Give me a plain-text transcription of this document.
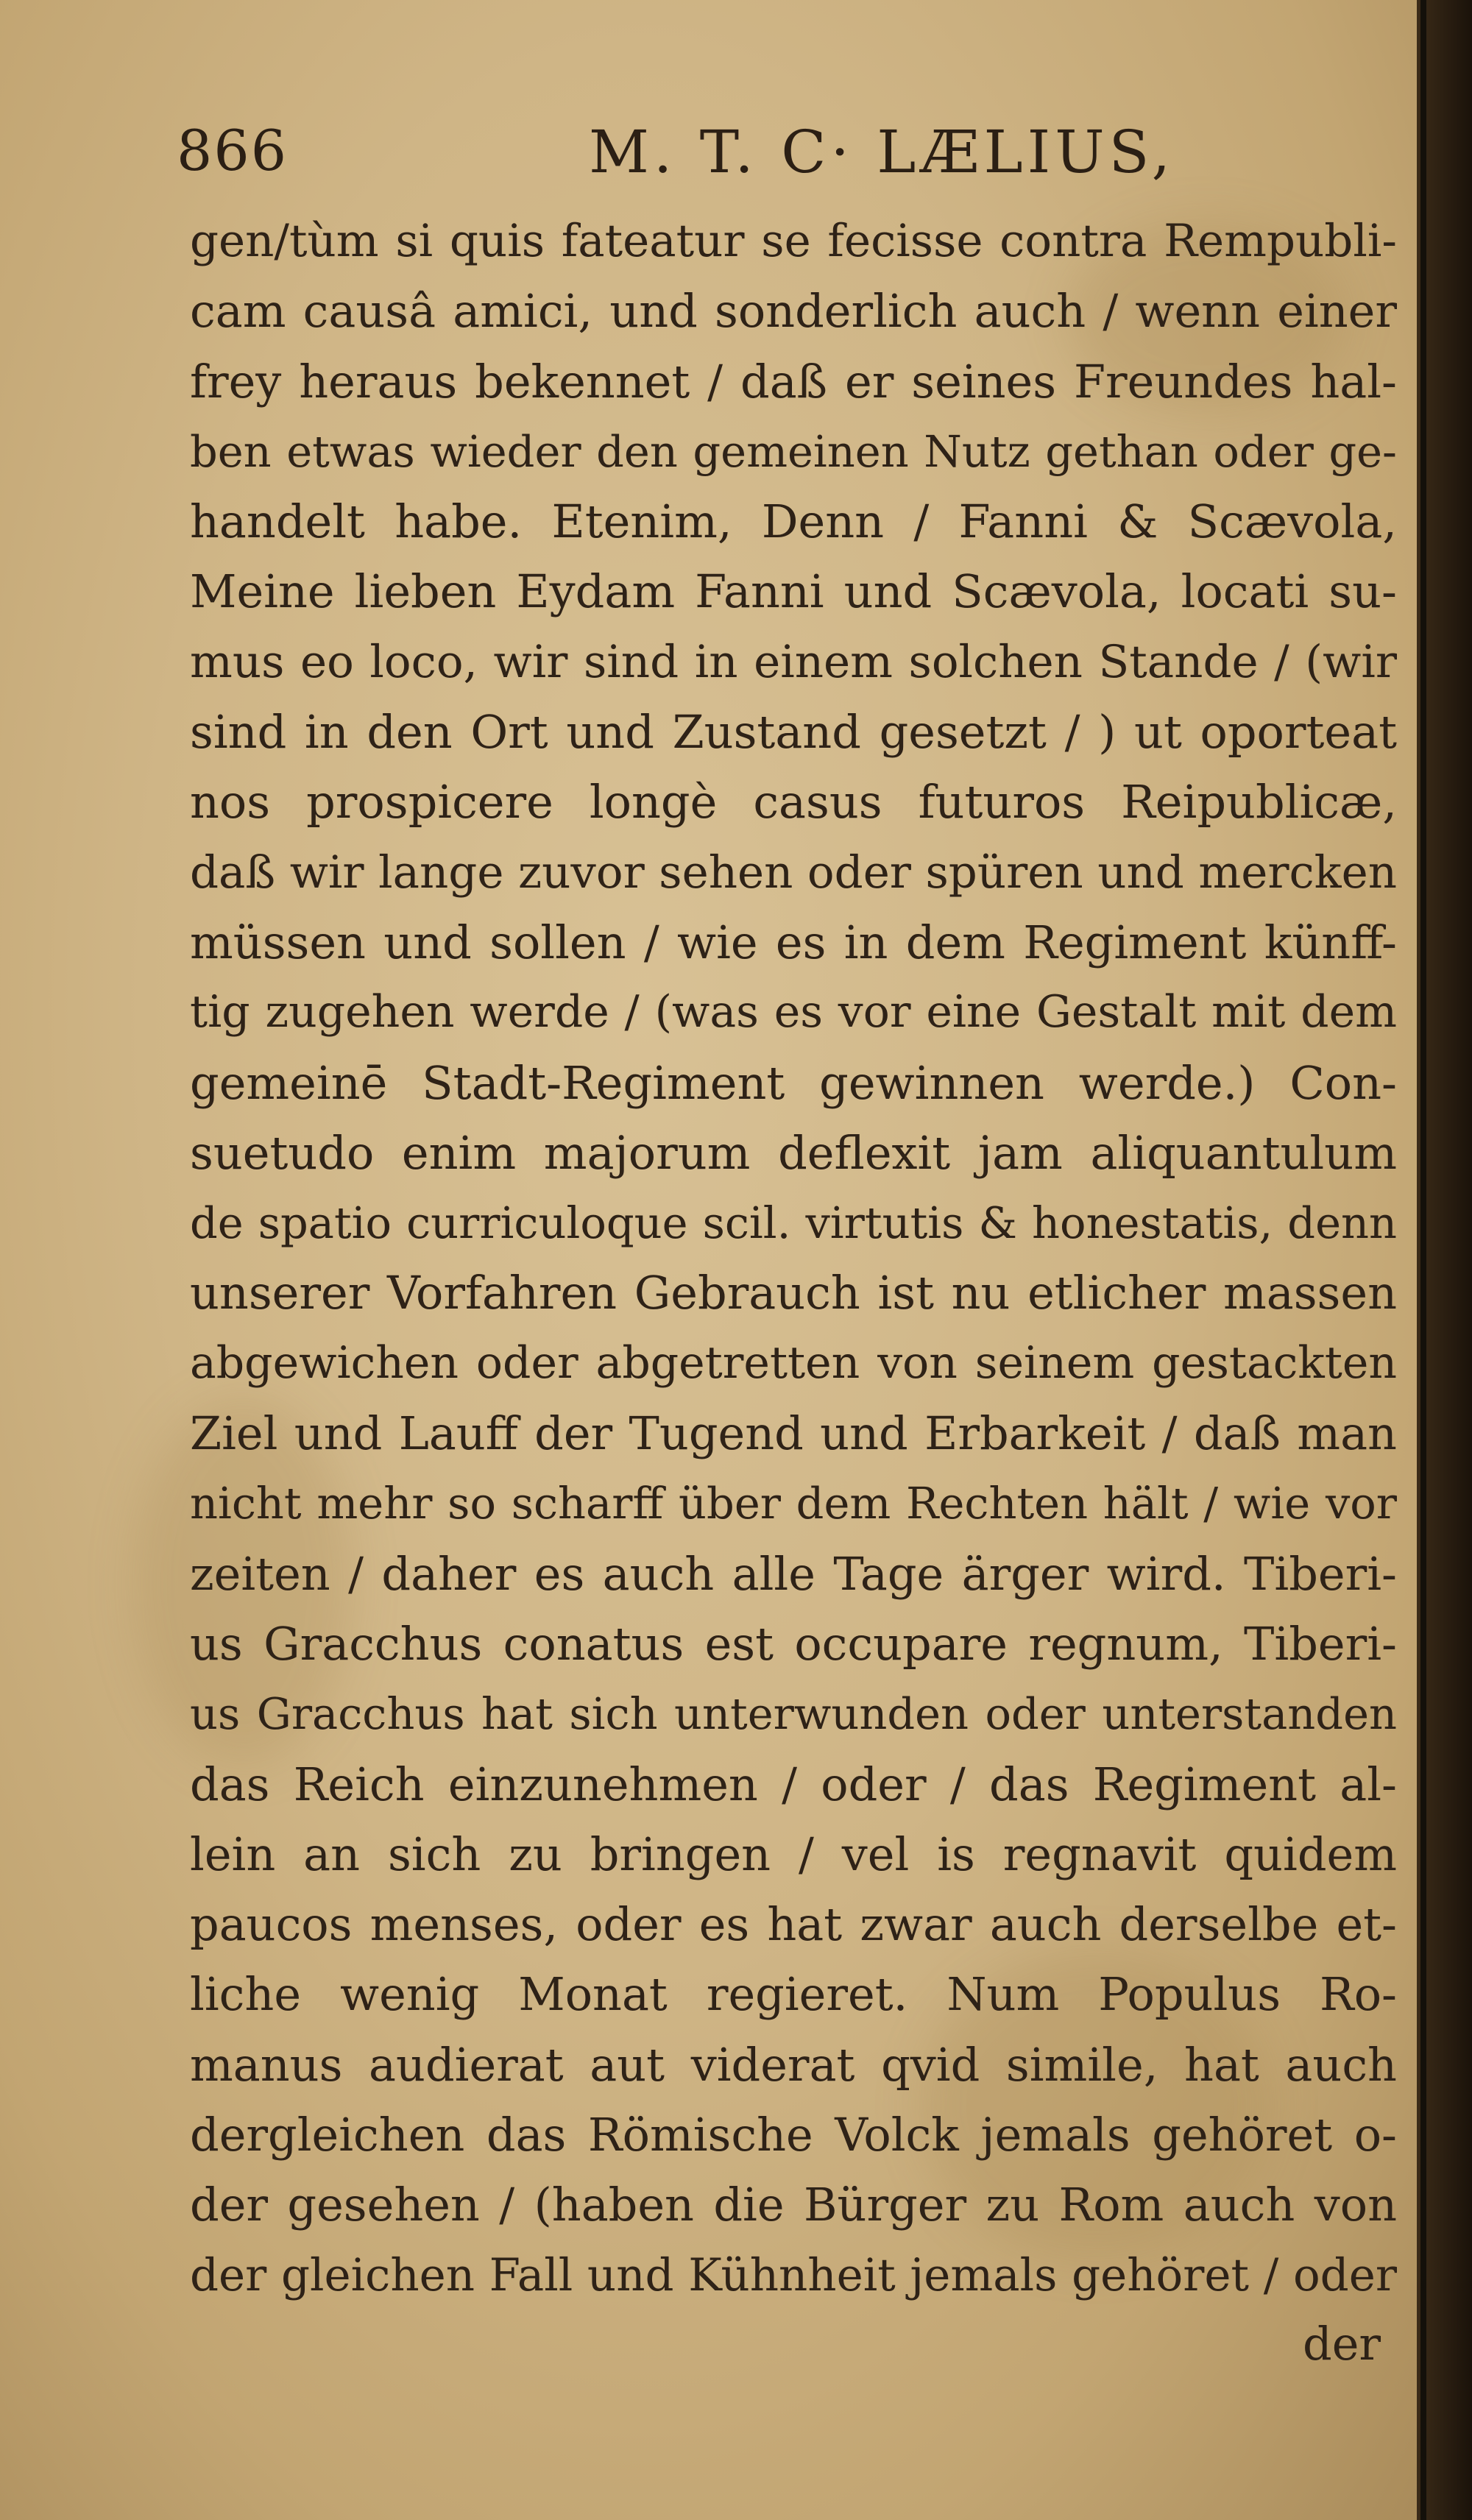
866	M. T. C· LÆLIUS,
gen/tùm si quis fateatur se fecisse contra Rempubli-
cam causâ amici, und sonderlich auch / wenn einer
frey heraus bekennet / daß er seines Freundes hal-
ben etwas wieder den gemeinen Nutz gethan oder ge-
handelt habe. Etenim, Denn / Fanni & Scævola,
Meine lieben Eydam Fanni und Scævola, locati su-
mus eo loco, wir sind in einem solchen Stande / (wir
sind in den Ort und Zustand gesetzt / ) ut oporteat
nos prospicere longè casus futuros Reipublicæ,
daß wir lange zuvor sehen oder spüren und mercken
müssen und sollen / wie es in dem Regiment künff-
tig zugehen werde / (was es vor eine Gestalt mit dem
gemeinē Stadt-Regiment gewinnen werde.) Con-
suetudo enim majorum deflexit jam aliquantulum
de spatio curriculoque scil. virtutis & honestatis, denn
unserer Vorfahren Gebrauch ist nu etlicher massen
abgewichen oder abgetretten von seinem gestackten
Ziel und Lauff der Tugend und Erbarkeit / daß man
nicht mehr so scharff über dem Rechten hält / wie vor
zeiten / daher es auch alle Tage ärger wird. Tiberi-
us Gracchus conatus est occupare regnum, Tiberi-
us Gracchus hat sich unterwunden oder unterstanden
das Reich einzunehmen / oder / das Regiment al-
lein an sich zu bringen / vel is regnavit quidem
paucos menses, oder es hat zwar auch derselbe et-
liche wenig Monat regieret. Num Populus Ro-
manus audierat aut viderat qvid simile, hat auch
dergleichen das Römische Volck jemals gehöret o-
der gesehen / (haben die Bürger zu Rom auch von
der gleichen Fall und Kühnheit jemals gehöret / oder
der
